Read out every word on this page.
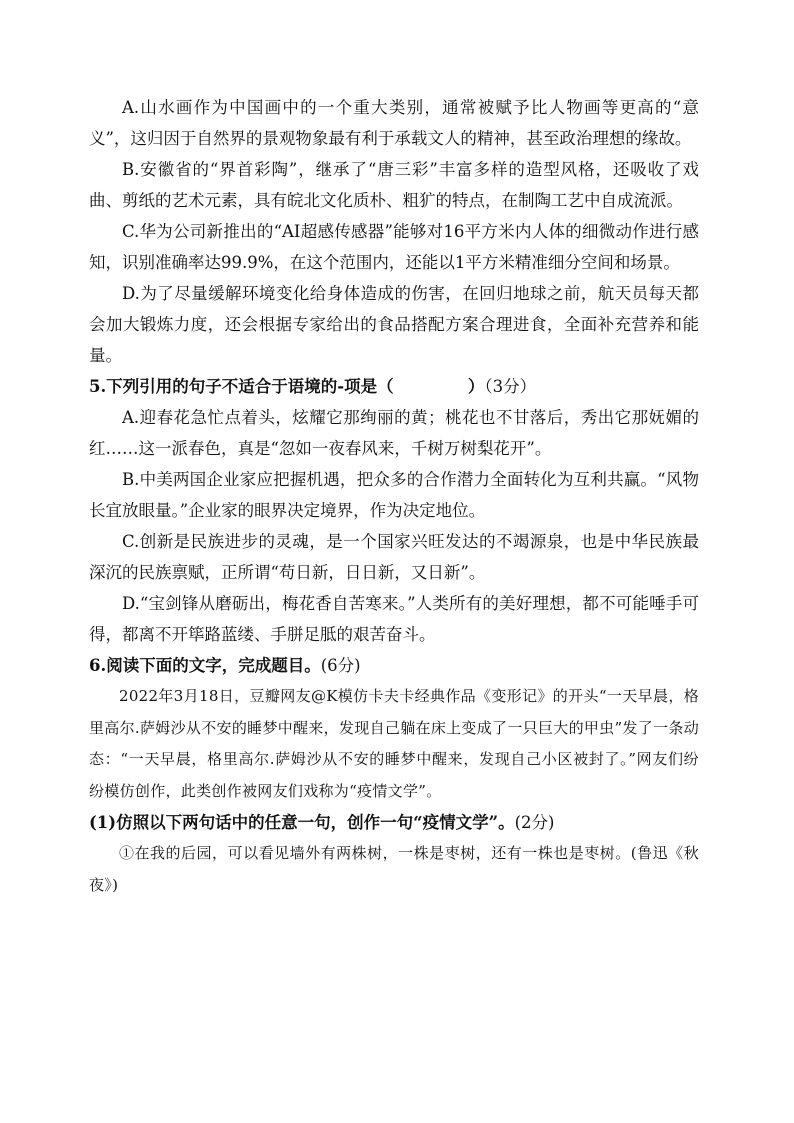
A.山水画作为中国画中的一个重大类别，通常被赋予比人物画等更高的“意义”，这归因于自然界的景观物象最有利于承载文人的精神，甚至政治理想的缘故。

B.安徽省的“界首彩陶”，继承了“唐三彩”丰富多样的造型风格，还吸收了戏曲、剪纸的艺术元素，具有皖北文化质朴、粗犷的特点，在制陶工艺中自成流派。

C.华为公司新推出的“AI超感传感器”能够对16平方米内人体的细微动作进行感知，识别准确率达99.9%，在这个范围内，还能以1平方米精准细分空间和场景。

D.为了尽量缓解环境变化给身体造成的伤害，在回归地球之前，航天员每天都会加大锻炼力度，还会根据专家给出的食品搭配方案合理进食，全面补充营养和能量。

5.下列引用的句子不适合于语境的-项是（	）（3分）

A.迎春花急忙点着头，炫耀它那绚丽的黄；桃花也不甘落后，秀出它那妩媚的红……这一派春色，真是“忽如一夜春风来，千树万树梨花开”。

B.中美两国企业家应把握机遇，把众多的合作潜力全面转化为互利共赢。“风物长宜放眼量。”企业家的眼界决定境界，作为决定地位。

C.创新是民族进步的灵魂，是一个国家兴旺发达的不竭源泉，也是中华民族最深沉的民族禀赋，正所谓“苟日新，日日新，又日新”。

D.“宝剑锋从磨砺出，梅花香自苦寒来。”人类所有的美好理想，都不可能唾手可得，都离不开筚路蓝缕、手胼足胝的艰苦奋斗。

6.阅读下面的文字，完成题目。(6分)

2022年3月18日，豆瓣网友@K模仿卡夫卡经典作品《变形记》的开头“一天早晨，格里高尔.萨姆沙从不安的睡梦中醒来，发现自己躺在床上变成了一只巨大的甲虫”发了一条动态：“一天早晨，格里高尔.萨姆沙从不安的睡梦中醒来，发现自己小区被封了。”网友们纷纷模仿创作，此类创作被网友们戏称为“疫情文学”。

(1)仿照以下两句话中的任意一句，创作一句“疫情文学”。(2分)

①在我的后园，可以看见墙外有两株树，一株是枣树，还有一株也是枣树。(鲁迅《秋夜》)
